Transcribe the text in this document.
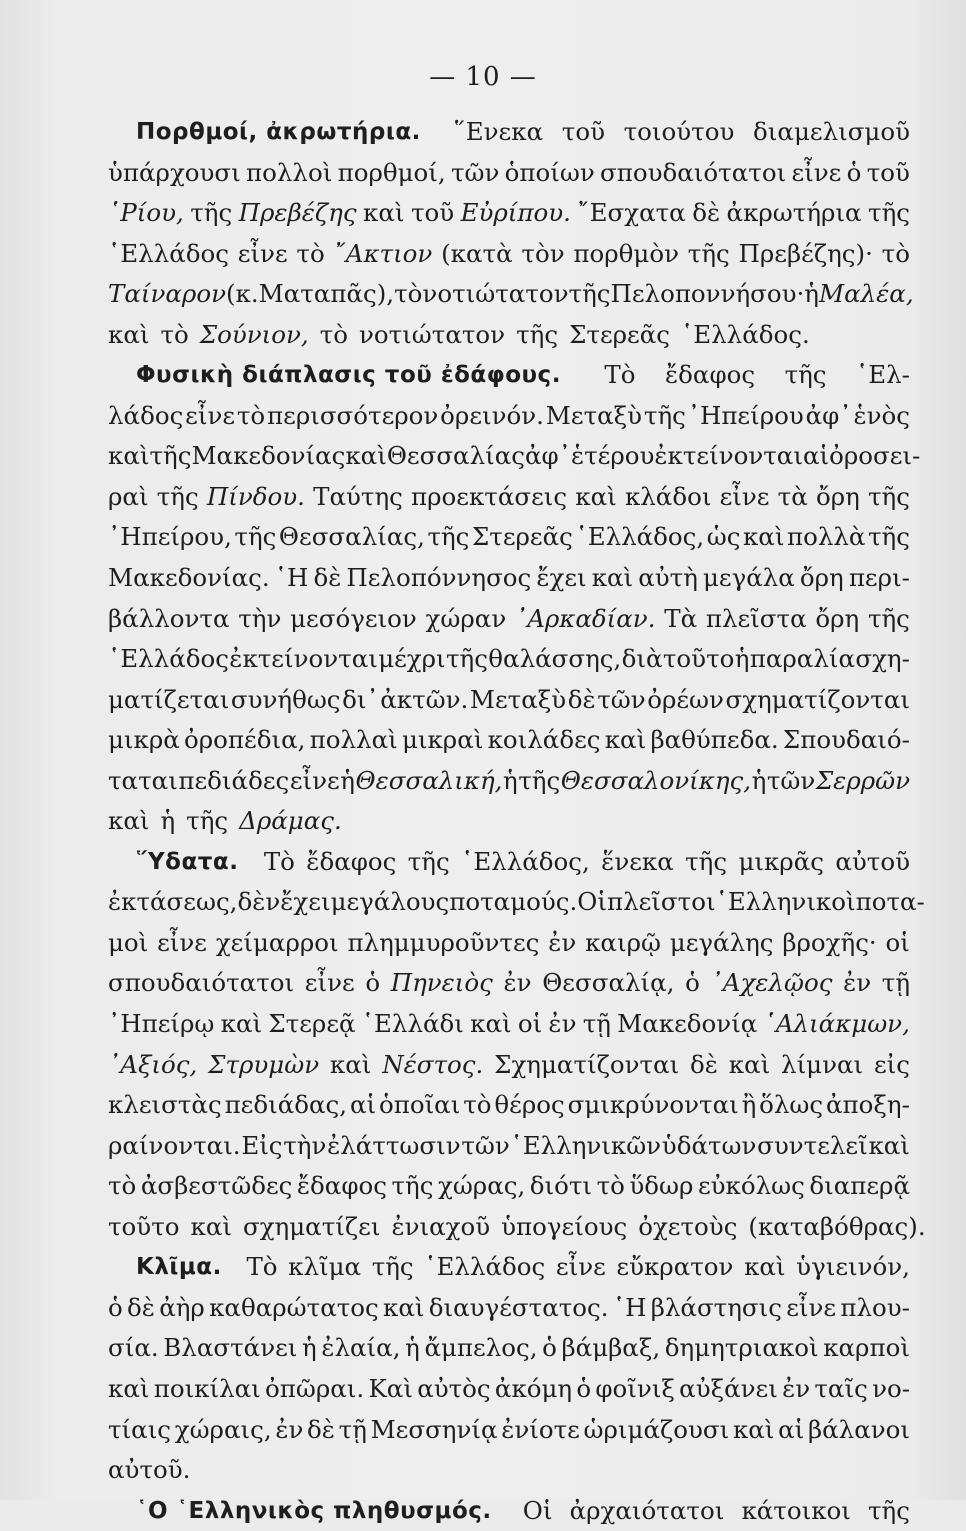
— 10 —
Πορθμοί, ἀκρωτήρια. ῞Ενεκα τοῦ τοιούτου διαμελισμοῦ
ὑπάρχουσι πολλοὶ πορθμοί, τῶν ὁποίων σπουδαιότατοι εἶνε ὁ τοῦ
῾Ρίου, τῆς Πρεβέζης καὶ τοῦ Εὐρίπου. ῎Εσχατα δὲ ἀκρωτήρια τῆς
῾Ελλάδος εἶνε τὸ ῎Ακτιον (κατὰ τὸν πορθμὸν τῆς Πρεβέζης)· τὸ
Ταίναρον (κ. Ματαπᾶς), τὸ νοτιώτατον τῆς Πελοποννήσου· ἡ Μαλέα,
καὶ τὸ Σούνιον, τὸ νοτιώτατον τῆς Στερεᾶς ῾Ελλάδος.
Φυσικὴ διάπλασις τοῦ ἐδάφους. Τὸ ἔδαφος τῆς ῾Ελ-
λάδος εἶνε τὸ περισσότερον ὀρεινόν. Μεταξὺ τῆς ᾿Ηπείρου ἀφ᾿ ἑνὸς
καὶ τῆς Μακεδονίας καὶ Θεσσαλίας ἀφ᾿ ἑτέρου ἐκτείνονται αἱ ὀροσει-
ραὶ τῆς Πίνδου. Ταύτης προεκτάσεις καὶ κλάδοι εἶνε τὰ ὄρη τῆς
᾿Ηπείρου, τῆς Θεσσαλίας, τῆς Στερεᾶς ῾Ελλάδος, ὡς καὶ πολλὰ τῆς
Μακεδονίας. ῾Η δὲ Πελοπόννησος ἔχει καὶ αὐτὴ μεγάλα ὄρη περι-
βάλλοντα τὴν μεσόγειον χώραν ᾿Αρκαδίαν. Τὰ πλεῖστα ὄρη τῆς
῾Ελλάδος ἐκτείνονται μέχρι τῆς θαλάσσης, διὰ τοῦτο ἡ παραλία σχη-
ματίζεται συνήθως δι᾿ ἀκτῶν. Μεταξὺ δὲ τῶν ὀρέων σχηματίζονται
μικρὰ ὀροπέδια, πολλαὶ μικραὶ κοιλάδες καὶ βαθύπεδα. Σπουδαιό-
ταται πεδιάδες εἶνε ἡ Θεσσαλική, ἡ τῆς Θεσσαλονίκης, ἡ τῶν Σερρῶν
καὶ ἡ τῆς Δράμας.
῞Υδατα. Τὸ ἔδαφος τῆς ῾Ελλάδος, ἕνεκα τῆς μικρᾶς αὐτοῦ
ἐκτάσεως, δὲν ἔχει μεγάλους ποταμούς.Οἱ πλεῖστοι ῾Ελληνικοὶ ποτα-
μοὶ εἶνε χείμαρροι πλημμυροῦντες ἐν καιρῷ μεγάλης βροχῆς· οἱ
σπουδαιότατοι εἶνε ὁ Πηνειὸς ἐν Θεσσαλίᾳ, ὁ ᾿Αχελῷος ἐν τῇ
᾿Ηπείρῳ καὶ Στερεᾷ ῾Ελλάδι καὶ οἱ ἐν τῇ Μακεδονίᾳ ῾Αλιάκμων,
᾿Αξιός, Στρυμὼν καὶ Νέστος. Σχηματίζονται δὲ καὶ λίμναι εἰς
κλειστὰς πεδιάδας, αἱ ὁποῖαι τὸ θέρος σμικρύνονται ἢ ὅλως ἀποξη-
ραίνονται. Εἰς τὴν ἐλάττωσιν τῶν ῾Ελληνικῶν ὑδάτων συντελεῖ καὶ
τὸ ἀσβεστῶδες ἔδαφος τῆς χώρας, διότι τὸ ὕδωρ εὐκόλως διαπερᾷ
τοῦτο καὶ σχηματίζει ἐνιαχοῦ ὑπογείους ὀχετοὺς (καταβόθρας).
Κλῖμα. Τὸ κλῖμα τῆς ῾Ελλάδος εἶνε εὔκρατον καὶ ὑγιεινόν,
ὁ δὲ ἀὴρ καθαρώτατος καὶ διαυγέστατος. ῾Η βλάστησις εἶνε πλου-
σία. Βλαστάνει ἡ ἐλαία, ἡ ἄμπελος, ὁ βάμβαξ, δημητριακοὶ καρποὶ
καὶ ποικίλαι ὀπῶραι. Καὶ αὐτὸς ἀκόμη ὁ φοῖνιξ αὐξάνει ἐν ταῖς νο-
τίαις χώραις, ἐν δὲ τῇ Μεσσηνίᾳ ἐνίοτε ὡριμάζουσι καὶ αἱ βάλανοι
αὐτοῦ.
῾Ο ῾Ελληνικὸς πληθυσμός. Οἱ ἀρχαιότατοι κάτοικοι τῆς
